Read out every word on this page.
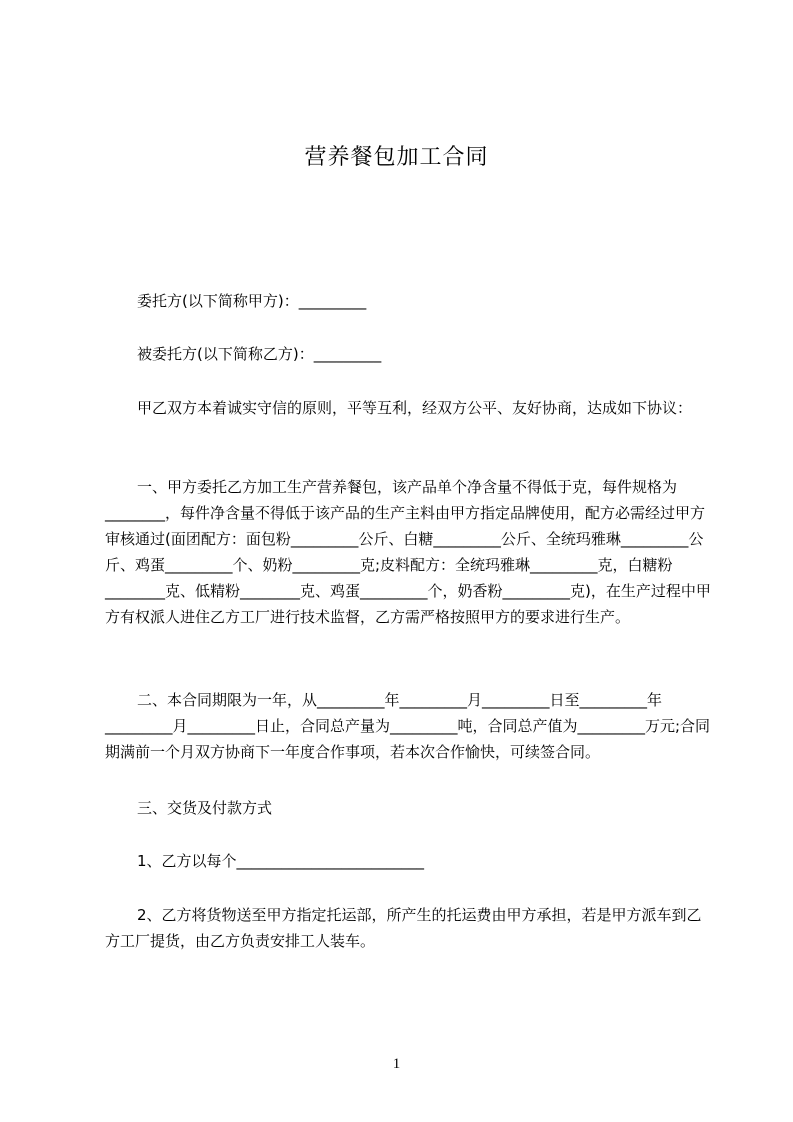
营养餐包加工合同

委托方(以下简称甲方)：_________

被委托方(以下简称乙方)：_________

甲乙双方本着诚实守信的原则，平等互利，经双方公平、友好协商，达成如下协议：

一、甲方委托乙方加工生产营养餐包，该产品单个净含量不得低于克，每件规格为________，每件净含量不得低于该产品的生产主料由甲方指定品牌使用，配方必需经过甲方审核通过(面团配方：面包粉_________公斤、白糖_________公斤、全统玛雅琳_________公斤、鸡蛋_________个、奶粉_________克;皮料配方：全统玛雅琳_________克，白糖粉________克、低精粉________克、鸡蛋_________个，奶香粉_________克)，在生产过程中甲方有权派人进住乙方工厂进行技术监督，乙方需严格按照甲方的要求进行生产。

二、本合同期限为一年，从_________年_________月_________日至_________年_________月_________日止，合同总产量为_________吨，合同总产值为_________万元;合同期满前一个月双方协商下一年度合作事项，若本次合作愉快，可续签合同。

三、交货及付款方式

1、乙方以每个_________________________

2、乙方将货物送至甲方指定托运部，所产生的托运费由甲方承担，若是甲方派车到乙方工厂提货，由乙方负责安排工人装车。

1
